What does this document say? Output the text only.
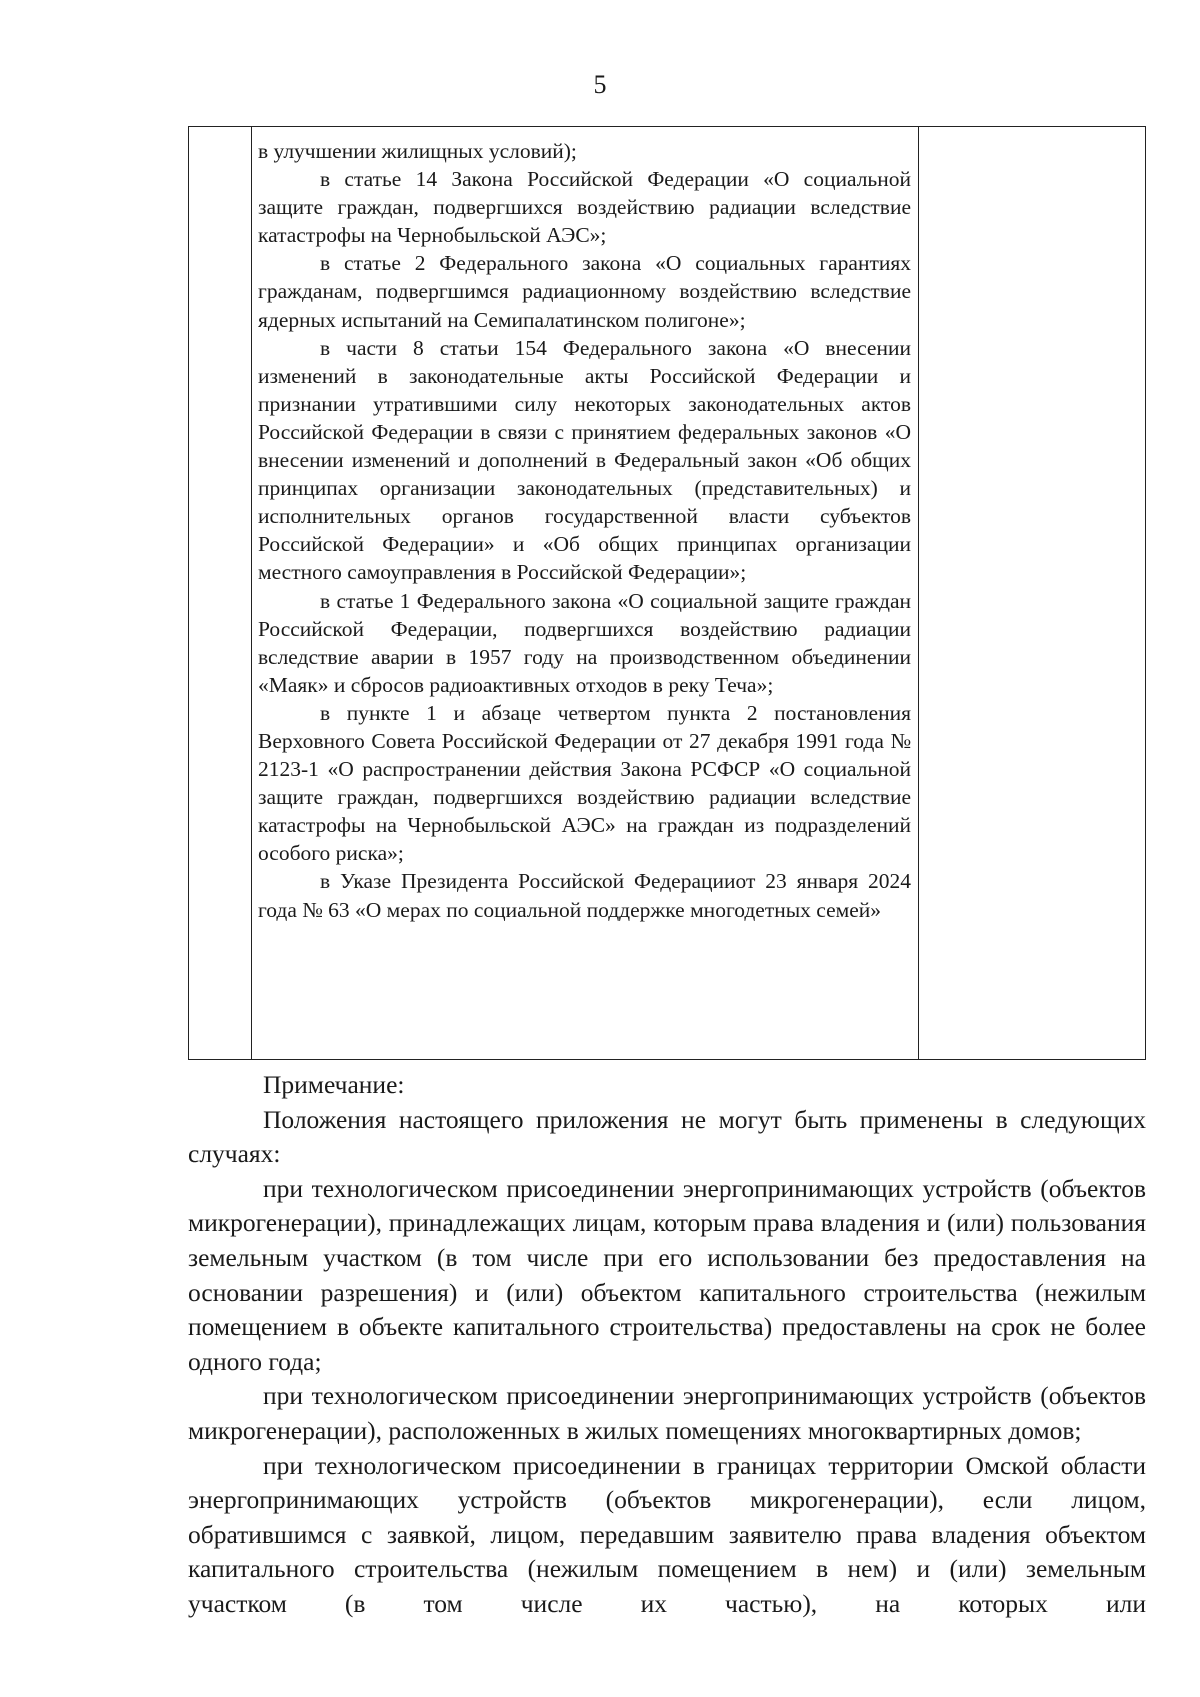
5

в улучшении жилищных условий);

в статье 14 Закона Российской Федерации «О социальной защите граждан, подвергшихся воздействию радиации вследствие катастрофы на Чернобыльской АЭС»;

в статье 2 Федерального закона «О социальных гарантиях гражданам, подвергшимся радиационному воздействию вследствие ядерных испытаний на Семипалатинском полигоне»;

в части 8 статьи 154 Федерального закона «О внесении изменений в законодательные акты Российской Федерации и признании утратившими силу некоторых законодательных актов Российской Федерации в связи с принятием федеральных законов «О внесении изменений и дополнений в Федеральный закон «Об общих принципах организации законодательных (представительных) и исполнительных органов государственной власти субъектов Российской Федерации» и «Об общих принципах организации местного самоуправления в Российской Федерации»;

в статье 1 Федерального закона «О социальной защите граждан Российской Федерации, подвергшихся воздействию радиации вследствие аварии в 1957 году на производственном объединении «Маяк» и сбросов радиоактивных отходов в реку Теча»;

в пункте 1 и абзаце четвертом пункта 2 постановления Верховного Совета Российской Федерации от 27 декабря 1991 года № 2123-1 «О распространении действия Закона РСФСР «О социальной защите граждан, подвергшихся воздействию радиации вследствие катастрофы на Чернобыльской АЭС» на граждан из подразделений особого риска»;

в Указе Президента Российской Федерацииот 23 января 2024 года № 63 «О мерах по социальной поддержке многодетных семей»

Примечание:

Положения настоящего приложения не могут быть применены в следующих случаях:

при технологическом присоединении энергопринимающих устройств (объектов микрогенерации), принадлежащих лицам, которым права владения и (или) пользования земельным участком (в том числе при его использовании без предоставления на основании разрешения) и (или) объектом капитального строительства (нежилым помещением в объекте капитального строительства) предоставлены на срок не более одного года;

при технологическом присоединении энергопринимающих устройств (объектов микрогенерации), расположенных в жилых помещениях многоквартирных домов;

при технологическом присоединении в границах территории Омской области энергопринимающих устройств (объектов микрогенерации), если лицом, обратившимся с заявкой, лицом, передавшим заявителю права владения объектом капитального строительства (нежилым помещением в нем) и (или) земельным участком (в том числе их частью), на которых или
